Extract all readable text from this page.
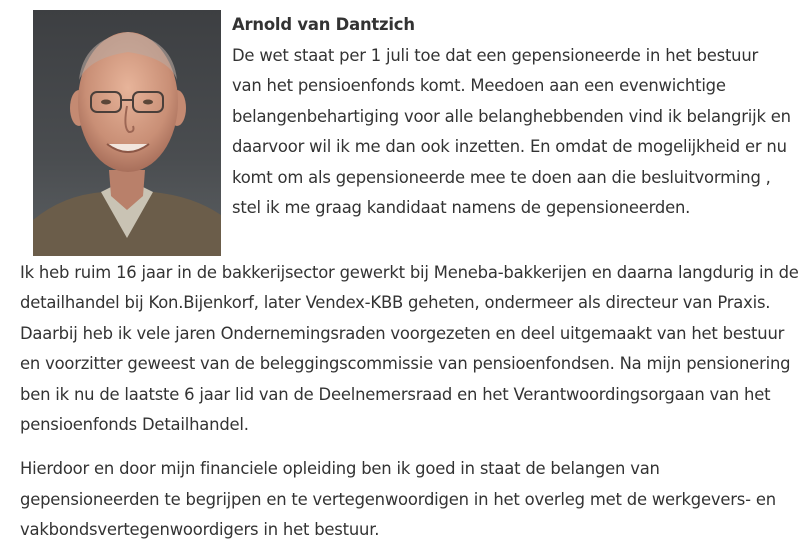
Arnold van Dantzich
De wet staat per 1 juli toe dat een gepensioneerde in het bestuur van het pensioenfonds komt. Meedoen aan een evenwichtige belangenbehartiging voor alle belanghebbenden vind ik belangrijk en daarvoor wil ik me dan ook inzetten. En omdat de mogelijkheid er nu komt om als gepensioneerde mee te doen aan die besluitvorming , stel ik me graag kandidaat namens de gepensioneerden.

Ik heb ruim 16 jaar in de bakkerijsector gewerkt bij Meneba-bakkerijen en daarna langdurig in de detailhandel bij Kon.Bijenkorf, later Vendex-KBB geheten, ondermeer als directeur van Praxis. Daarbij heb ik vele jaren Ondernemingsraden voorgezeten en deel uitgemaakt van het bestuur en voorzitter geweest van de beleggingscommissie van pensioenfondsen. Na mijn pensionering ben ik nu de laatste 6 jaar lid van de Deelnemersraad en het Verantwoordingsorgaan van het pensioenfonds Detailhandel.

Hierdoor en door mijn financiele opleiding ben ik goed in staat de belangen van gepensioneerden te begrijpen en te vertegenwoordigen in het overleg met de werkgevers- en vakbondsvertegenwoordigers in het bestuur.
